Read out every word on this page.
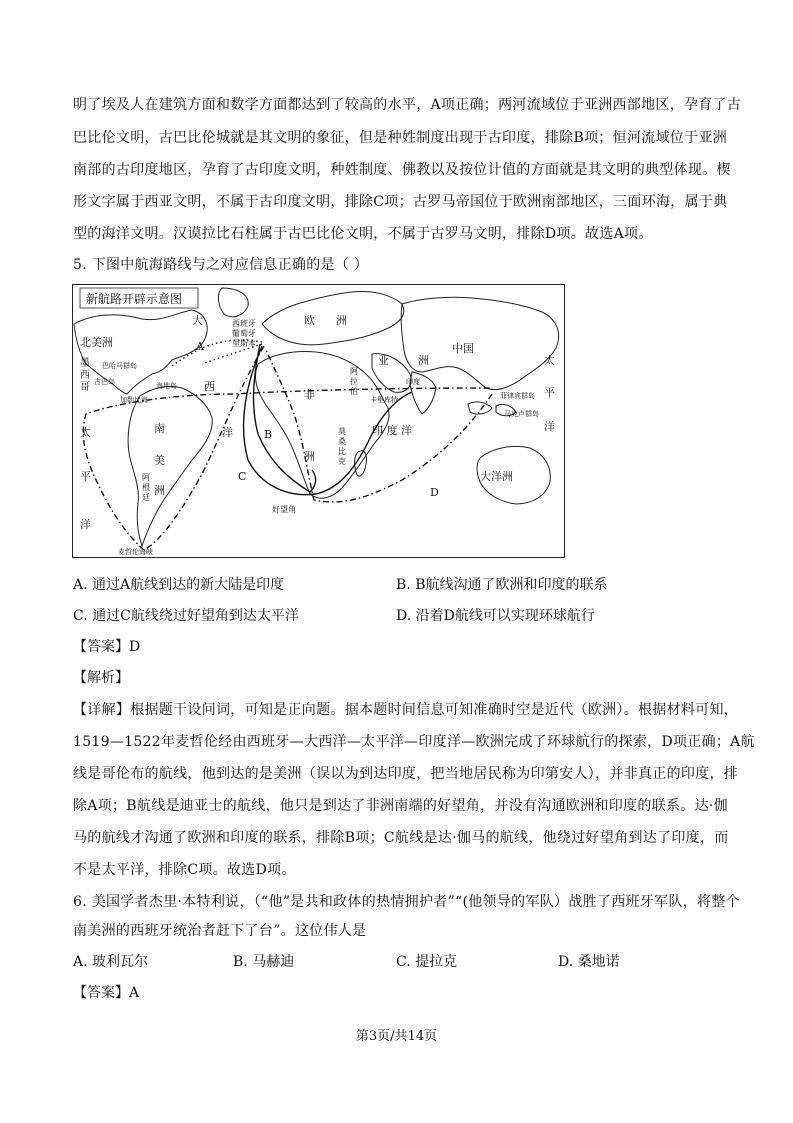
明了埃及人在建筑方面和数学方面都达到了较高的水平，A项正确；两河流域位于亚洲西部地区，孕育了古
巴比伦文明，古巴比伦城就是其文明的象征，但是种姓制度出现于古印度，排除B项；恒河流域位于亚洲
南部的古印度地区，孕育了古印度文明，种姓制度、佛教以及按位计值的方面就是其文明的典型体现。楔
形文字属于西亚文明，不属于古印度文明，排除C项；古罗马帝国位于欧洲南部地区，三面环海，属于典
型的海洋文明。汉谟拉比石柱属于古巴比伦文明，不属于古罗马文明，排除D项。故选A项。
5. 下图中航海路线与之对应信息正确的是（ ）
新航路开辟示意图
北美洲
墨
西
哥
巴哈马群岛
古巴岛	海地岛
加勒比海
大
西
洋
太
平
洋
南
美
洲
阿
根
廷
麦哲伦海峡
西班牙
葡萄牙
里斯本
欧 洲
非
洲
阿
拉
伯
印度
卡里库特
亚	洲
中国
莫
桑
比
克
印 度 洋
好望角
菲律宾群岛
马克卢群岛
太
平
洋
大洋洲
A
B
C
D
A. 通过A航线到达的新大陆是印度	B. B航线沟通了欧洲和印度的联系
C. 通过C航线绕过好望角到达太平洋	D. 沿着D航线可以实现环球航行
【答案】D
【解析】
【详解】根据题干设问词，可知是正向题。据本题时间信息可知准确时空是近代（欧洲）。根据材料可知，
1519—1522年麦哲伦经由西班牙—大西洋—太平洋—印度洋—欧洲完成了环球航行的探索，D项正确；A航
线是哥伦布的航线，他到达的是美洲（误以为到达印度，把当地居民称为印第安人），并非真正的印度，排
除A项；B航线是迪亚士的航线，他只是到达了非洲南端的好望角，并没有沟通欧洲和印度的联系。达·伽
马的航线才沟通了欧洲和印度的联系，排除B项；C航线是达·伽马的航线，他绕过好望角到达了印度，而
不是太平洋，排除C项。故选D项。
6. 美国学者杰里·本特利说，（“他”是共和政体的热情拥护者”“(他领导的军队）战胜了西班牙军队，将整个
南美洲的西班牙统治者赶下了台”。这位伟人是
A. 玻利瓦尔	B. 马赫迪	C. 提拉克	D. 桑地诺
【答案】A
第3页/共14页
